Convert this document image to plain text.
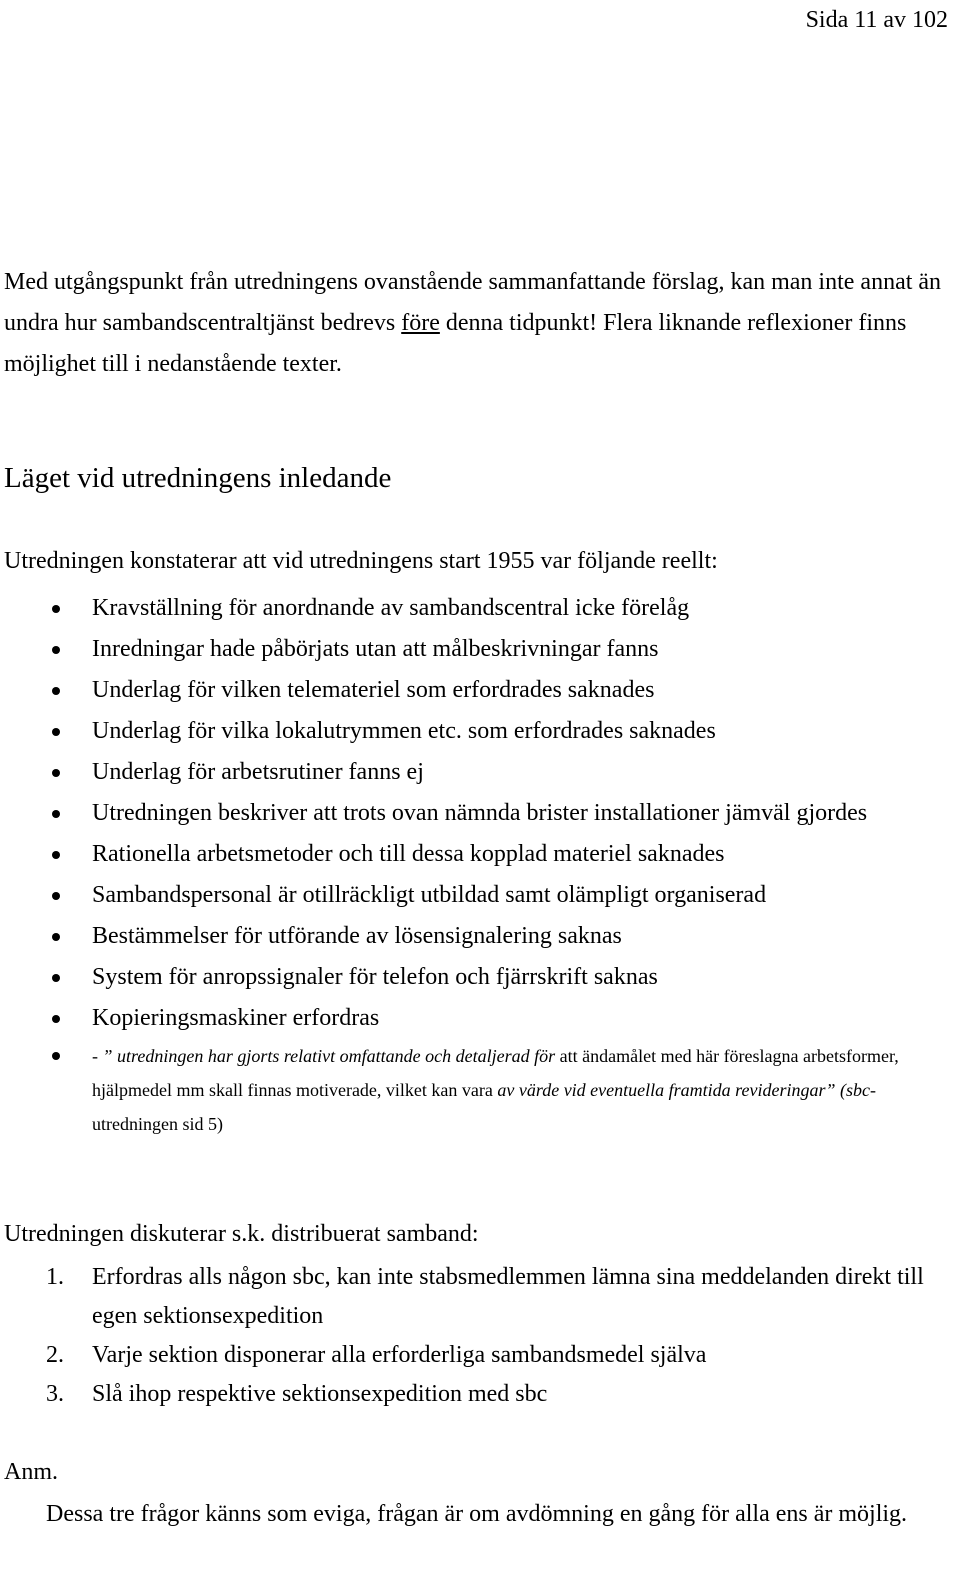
Sida 11 av 102

Med utgångspunkt från utredningens ovanstående sammanfattande förslag, kan man inte annat än undra hur sambandscentraltjänst bedrevs före denna tidpunkt! Flera liknande reflexioner finns möjlighet till i nedanstående texter.

Läget vid utredningens inledande
Utredningen konstaterar att vid utredningens start 1955 var följande reellt:
Kravställning för anordnande av sambandscentral icke förelåg
Inredningar hade påbörjats utan att målbeskrivningar fanns
Underlag för vilken telemateriel som erfordrades saknades
Underlag för vilka lokalutrymmen etc. som erfordrades saknades
Underlag för arbetsrutiner fanns ej
Utredningen beskriver att trots ovan nämnda brister installationer jämväl gjordes
Rationella arbetsmetoder och till dessa kopplad materiel saknades
Sambandspersonal är otillräckligt utbildad samt olämpligt organiserad
Bestämmelser för utförande av lösensignalering saknas
System för anropssignaler för telefon och fjärrskrift saknas
Kopieringsmaskiner erfordras
- ” utredningen har gjorts relativt omfattande och detaljerad för att ändamålet med här föreslagna arbetsformer, hjälpmedel mm skall finnas motiverade, vilket kan vara av värde vid eventuella framtida revideringar” (sbc-utredningen sid 5)
Utredningen diskuterar s.k. distribuerat samband:
1. Erfordras alls någon sbc, kan inte stabsmedlemmen lämna sina meddelanden direkt till egen sektionsexpedition
2. Varje sektion disponerar alla erforderliga sambandsmedel själva
3. Slå ihop respektive sektionsexpedition med sbc
Anm.
Dessa tre frågor känns som eviga, frågan är om avdömning en gång för alla ens är möjlig.
